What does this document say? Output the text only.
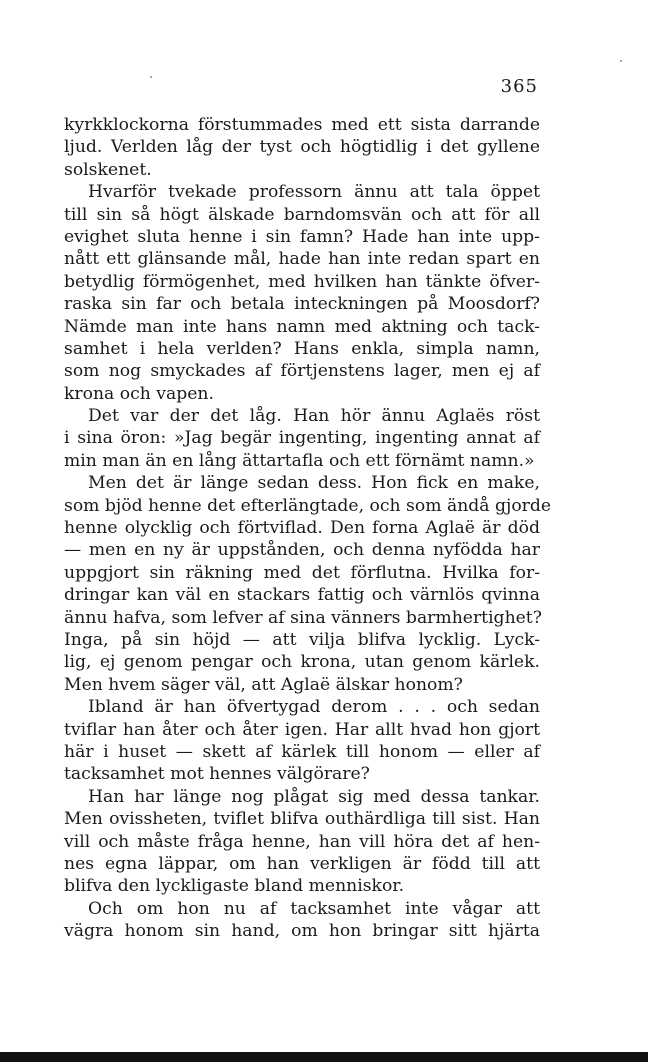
365
kyrkklockorna förstummades med ett sista darrande
ljud. Verlden låg der tyst och högtidlig i det gyllene
solskenet.
Hvarför tvekade professorn ännu att tala öppet
till sin så högt älskade barndomsvän och att för all
evighet sluta henne i sin famn? Hade han inte upp-
nått ett glänsande mål, hade han inte redan spart en
betydlig förmögenhet, med hvilken han tänkte öfver-
raska sin far och betala inteckningen på Moosdorf?
Nämde man inte hans namn med aktning och tack-
samhet i hela verlden? Hans enkla, simpla namn,
som nog smyckades af förtjenstens lager, men ej af
krona och vapen.
Det var der det låg. Han hör ännu Aglaës röst
i sina öron: »Jag begär ingenting, ingenting annat af
min man än en lång ättartafla och ett förnämt namn.»
Men det är länge sedan dess. Hon fick en make,
som bjöd henne det efterlängtade, och som ändå gjorde
henne olycklig och förtviflad. Den forna Aglaë är död
— men en ny är uppstånden, och denna nyfödda har
uppgjort sin räkning med det förflutna. Hvilka for-
dringar kan väl en stackars fattig och värnlös qvinna
ännu hafva, som lefver af sina vänners barmhertighet?
Inga, på sin höjd — att vilja blifva lycklig. Lyck-
lig, ej genom pengar och krona, utan genom kärlek.
Men hvem säger väl, att Aglaë älskar honom?
Ibland är han öfvertygad derom . . . och sedan
tviflar han åter och åter igen. Har allt hvad hon gjort
här i huset — skett af kärlek till honom — eller af
tacksamhet mot hennes välgörare?
Han har länge nog plågat sig med dessa tankar.
Men ovissheten, tviflet blifva outhärdliga till sist. Han
vill och måste fråga henne, han vill höra det af hen-
nes egna läppar, om han verkligen är född till att
blifva den lyckligaste bland menniskor.
Och om hon nu af tacksamhet inte vågar att
vägra honom sin hand, om hon bringar sitt hjärta
